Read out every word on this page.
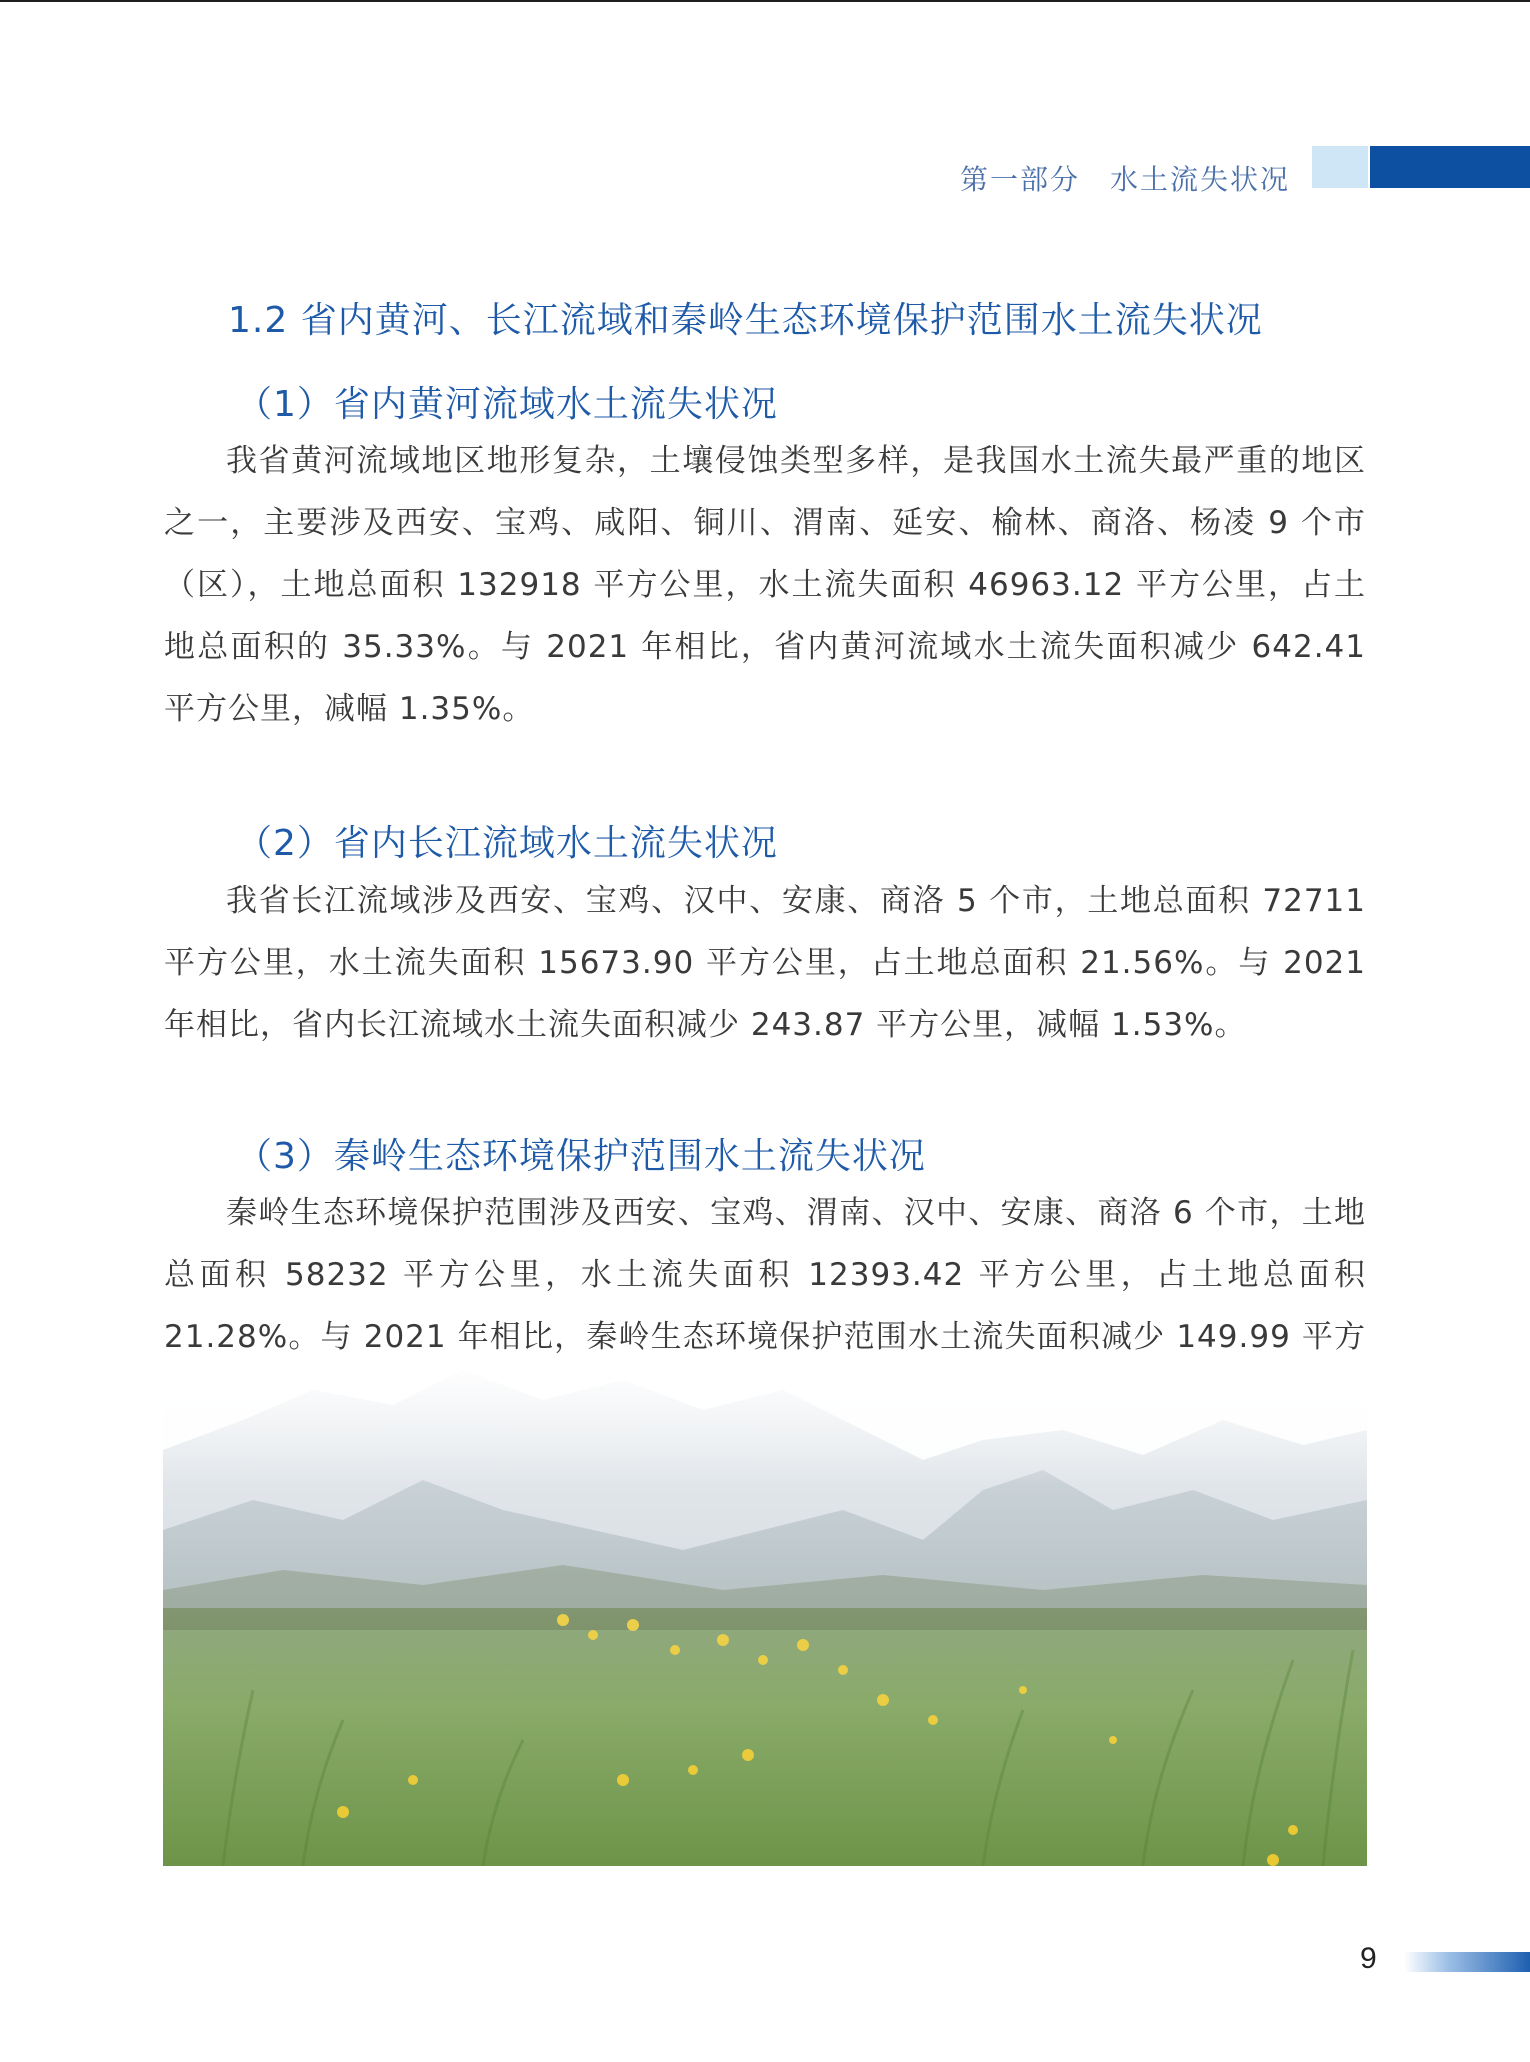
第一部分　水土流失状况
1.2 省内黄河、长江流域和秦岭生态环境保护范围水土流失状况
（1）省内黄河流域水土流失状况

我省黄河流域地区地形复杂，土壤侵蚀类型多样，是我国水土流失最严重的地区之一，主要涉及西安、宝鸡、咸阳、铜川、渭南、延安、榆林、商洛、杨凌 9 个市（区），土地总面积 132918 平方公里，水土流失面积 46963.12 平方公里，占土地总面积的 35.33%。与 2021 年相比，省内黄河流域水土流失面积减少 642.41 平方公里，减幅 1.35%。

（2）省内长江流域水土流失状况

我省长江流域涉及西安、宝鸡、汉中、安康、商洛 5 个市，土地总面积 72711 平方公里，水土流失面积 15673.90 平方公里，占土地总面积 21.56%。与 2021 年相比，省内长江流域水土流失面积减少 243.87 平方公里，减幅 1.53%。

（3）秦岭生态环境保护范围水土流失状况

秦岭生态环境保护范围涉及西安、宝鸡、渭南、汉中、安康、商洛 6 个市，土地总面积 58232 平方公里，水土流失面积 12393.42 平方公里，占土地总面积 21.28%。与 2021 年相比，秦岭生态环境保护范围水土流失面积减少 149.99 平方

9
